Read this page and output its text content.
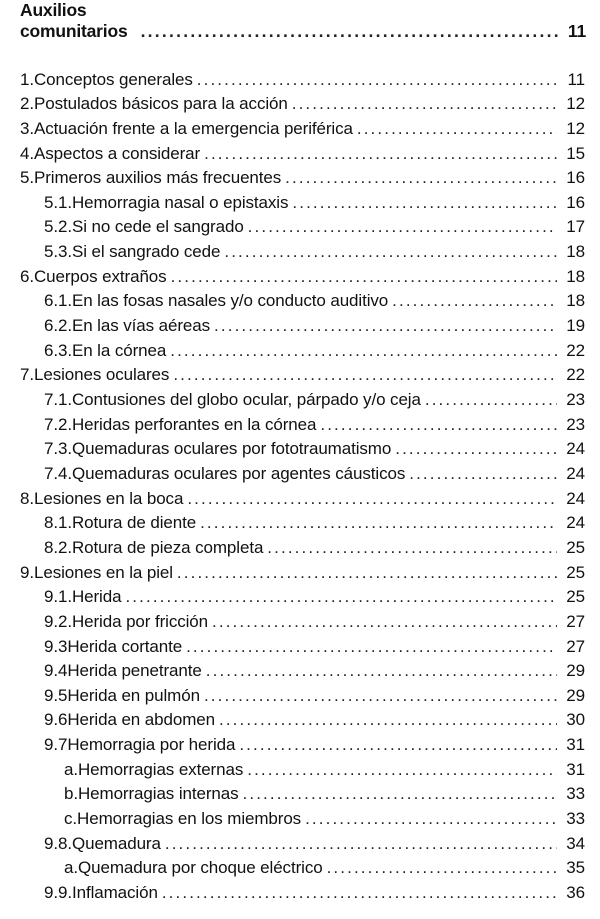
Auxilios comunitarios . . .	11
1. Conceptos generales . . .	11
2. Postulados básicos para la acción . . .	12
3. Actuación frente a la emergencia periférica . . .	12
4. Aspectos a considerar . . .	15
5. Primeros auxilios más frecuentes . . .	16
5.1. Hemorragia nasal o epistaxis . . .	16
5.2. Si no cede el sangrado . . .	17
5.3. Si el sangrado cede . . .	18
6. Cuerpos extraños . . .	18
6.1. En las fosas nasales y/o conducto auditivo . . .	18
6.2. En las vías aéreas . . .	19
6.3. En la córnea . . .	22
7. Lesiones oculares . . .	22
7.1. Contusiones del globo ocular, párpado y/o ceja . . .	23
7.2. Heridas perforantes en la córnea . . .	23
7.3. Quemaduras oculares por fototraumatismo . . .	24
7.4. Quemaduras oculares por agentes cáusticos . . .	24
8. Lesiones en la boca . . .	24
8.1. Rotura de diente . . .	24
8.2. Rotura de pieza completa . . .	25
9. Lesiones en la piel . . .	25
9.1. Herida . . .	25
9.2. Herida por fricción . . .	27
9.3 Herida cortante . . .	27
9.4 Herida penetrante . . .	29
9.5 Herida en pulmón . . .	29
9.6 Herida en abdomen . . .	30
9.7 Hemorragia por herida . . .	31
a. Hemorragias externas . . .	31
b. Hemorragias internas . . .	33
c. Hemorragias en los miembros . . .	33
9.8. Quemadura . . .	34
a. Quemadura por choque eléctrico . . .	35
9.9. Inflamación . . .	36
